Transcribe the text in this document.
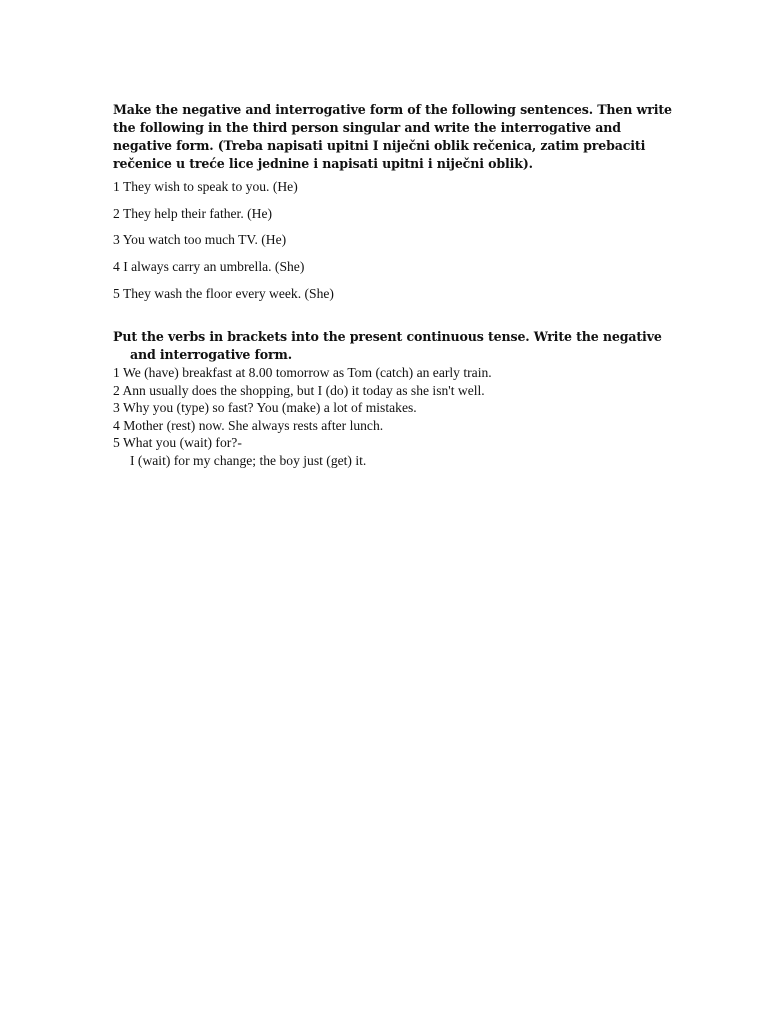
Make the negative and interrogative form of the following sentences. Then write the following in the third person singular and write the interrogative and negative form. (Treba napisati upitni I niječni oblik rečenica, zatim prebaciti rečenice u treće lice jednine i napisati upitni i niječni oblik).

1 They wish to speak to you. (He)
2 They help their father. (He)
3 You watch too much TV. (He)
4 I always carry an umbrella. (She)
5 They wash the floor every week. (She)

Put the verbs in brackets into the present continuous tense. Write the negative and interrogative form.

1 We (have) breakfast at 8.00 tomorrow as Tom (catch) an early train.
2 Ann usually does the shopping, but I (do) it today as she isn't well.
3 Why you (type) so fast? You (make) a lot of mistakes.
4 Mother (rest) now. She always rests after lunch.
5 What you (wait) for?-
I (wait) for my change; the boy just (get) it.
